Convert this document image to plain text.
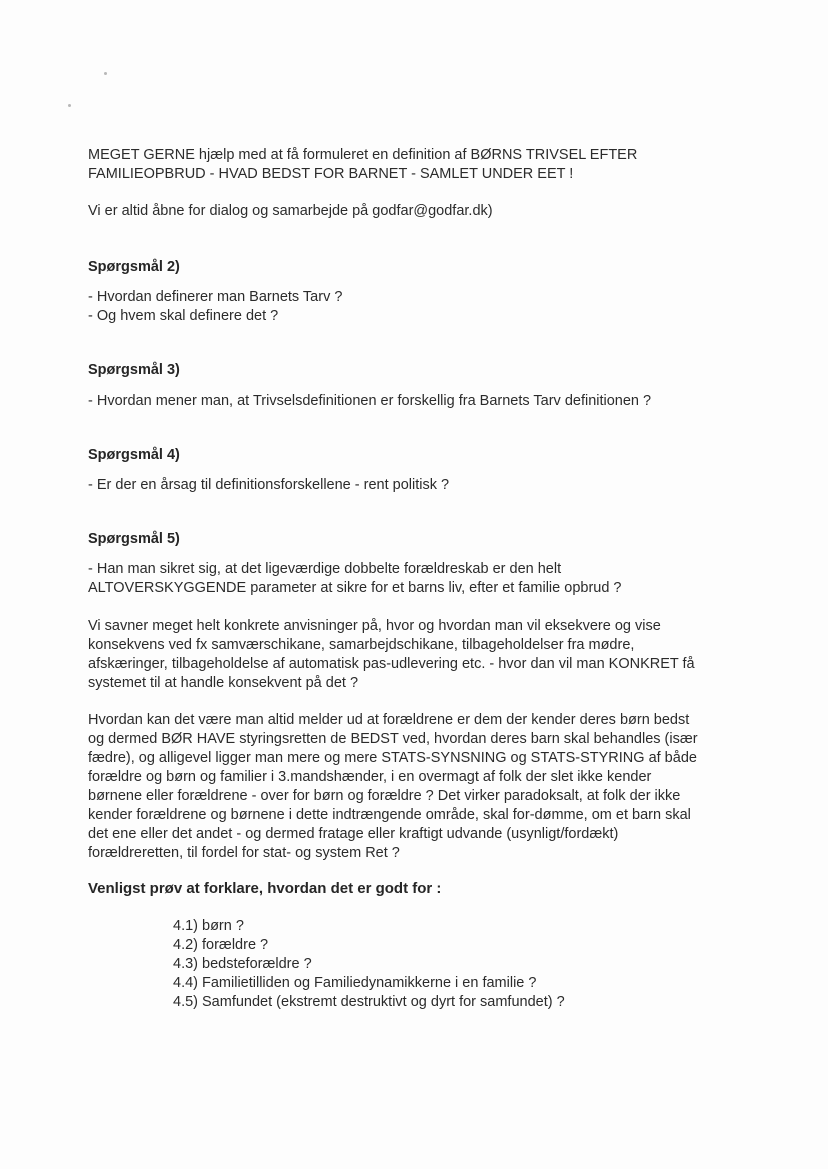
MEGET GERNE hjælp med at få formuleret en definition af BØRNS TRIVSEL EFTER
FAMILIEOPBRUD - HVAD BEDST FOR BARNET - SAMLET UNDER EET !
Vi er altid åbne for dialog og samarbejde på godfar@godfar.dk)
Spørgsmål 2)
- Hvordan definerer man Barnets Tarv ?
- Og hvem skal definere det ?
Spørgsmål 3)
- Hvordan mener man, at Trivselsdefinitionen er forskellig fra Barnets Tarv definitionen ?
Spørgsmål 4)
- Er der en årsag til definitionsforskellene - rent politisk ?
Spørgsmål 5)
- Han man sikret sig, at det ligeværdige dobbelte forældreskab er den helt
ALTOVERSKYGGENDE parameter at sikre for et barns liv, efter et familie opbrud ?
Vi savner meget helt konkrete anvisninger på, hvor og hvordan man vil eksekvere og vise
konsekvens ved fx samværschikane, samarbejdschikane, tilbageholdelser fra mødre,
afskæringer, tilbageholdelse af automatisk pas-udlevering etc. - hvor dan vil man KONKRET få
systemet til at handle konsekvent på det ?
Hvordan kan det være man altid melder ud at forældrene er dem der kender deres børn bedst
og dermed BØR HAVE styringsretten de BEDST ved, hvordan deres barn skal behandles (især
fædre), og alligevel ligger man mere og mere STATS-SYNSNING og STATS-STYRING af både
forældre og børn og familier i 3.mandshænder, i en overmagt af folk der slet ikke kender
børnene eller forældrene - over for børn og forældre ? Det virker paradoksalt, at folk der ikke
kender forældrene og børnene i dette indtrængende område, skal for-dømme, om et barn skal
det ene eller det andet - og dermed fratage eller kraftigt udvande (usynligt/fordækt)
forældreretten, til fordel for stat- og system Ret ?
Venligst prøv at forklare, hvordan det er godt for :
4.1) børn ?
4.2) forældre ?
4.3) bedsteforældre ?
4.4) Familietilliden og Familiedynamikkerne i en familie ?
4.5) Samfundet (ekstremt destruktivt og dyrt for samfundet) ?
